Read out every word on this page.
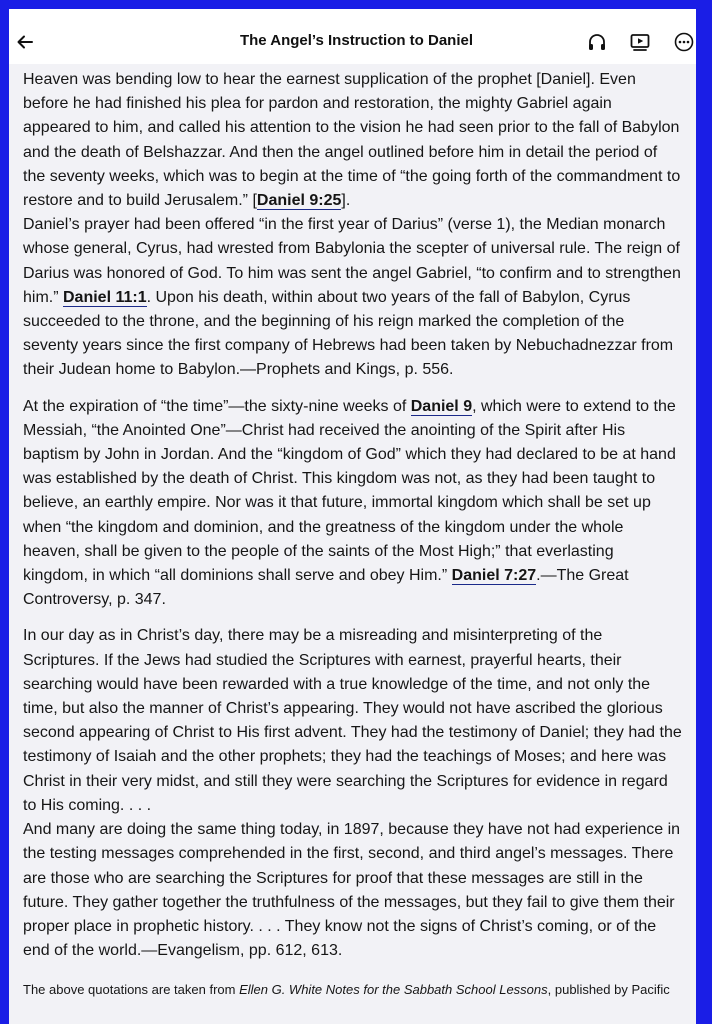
The Angel’s Instruction to Daniel

Heaven was bending low to hear the earnest supplication of the prophet [Daniel]. Even before he had finished his plea for pardon and restoration, the mighty Gabriel again appeared to him, and called his attention to the vision he had seen prior to the fall of Babylon and the death of Belshazzar. And then the angel outlined before him in detail the period of the seventy weeks, which was to begin at the time of “the going forth of the commandment to restore and to build Jerusalem.” [Daniel 9:25].

Daniel’s prayer had been offered “in the first year of Darius” (verse 1), the Median monarch whose general, Cyrus, had wrested from Babylonia the scepter of universal rule. The reign of Darius was honored of God. To him was sent the angel Gabriel, “to confirm and to strengthen him.” Daniel 11:1. Upon his death, within about two years of the fall of Babylon, Cyrus succeeded to the throne, and the beginning of his reign marked the completion of the seventy years since the first company of Hebrews had been taken by Nebuchadnezzar from their Judean home to Babylon.—Prophets and Kings, p. 556.

At the expiration of “the time”—the sixty-nine weeks of Daniel 9, which were to extend to the Messiah, “the Anointed One”—Christ had received the anointing of the Spirit after His baptism by John in Jordan. And the “kingdom of God” which they had declared to be at hand was established by the death of Christ. This kingdom was not, as they had been taught to believe, an earthly empire. Nor was it that future, immortal kingdom which shall be set up when “the kingdom and dominion, and the greatness of the kingdom under the whole heaven, shall be given to the people of the saints of the Most High;” that everlasting kingdom, in which “all dominions shall serve and obey Him.” Daniel 7:27.—The Great Controversy, p. 347.

In our day as in Christ’s day, there may be a misreading and misinterpreting of the Scriptures. If the Jews had studied the Scriptures with earnest, prayerful hearts, their searching would have been rewarded with a true knowledge of the time, and not only the time, but also the manner of Christ’s appearing. They would not have ascribed the glorious second appearing of Christ to His first advent. They had the testimony of Daniel; they had the testimony of Isaiah and the other prophets; they had the teachings of Moses; and here was Christ in their very midst, and still they were searching the Scriptures for evidence in regard to His coming. . . .

And many are doing the same thing today, in 1897, because they have not had experience in the testing messages comprehended in the first, second, and third angel’s messages. There are those who are searching the Scriptures for proof that these messages are still in the future. They gather together the truthfulness of the messages, but they fail to give them their proper place in prophetic history. . . . They know not the signs of Christ’s coming, or of the end of the world.—Evangelism, pp. 612, 613.

The above quotations are taken from Ellen G. White Notes for the Sabbath School Lessons, published by Pacific
